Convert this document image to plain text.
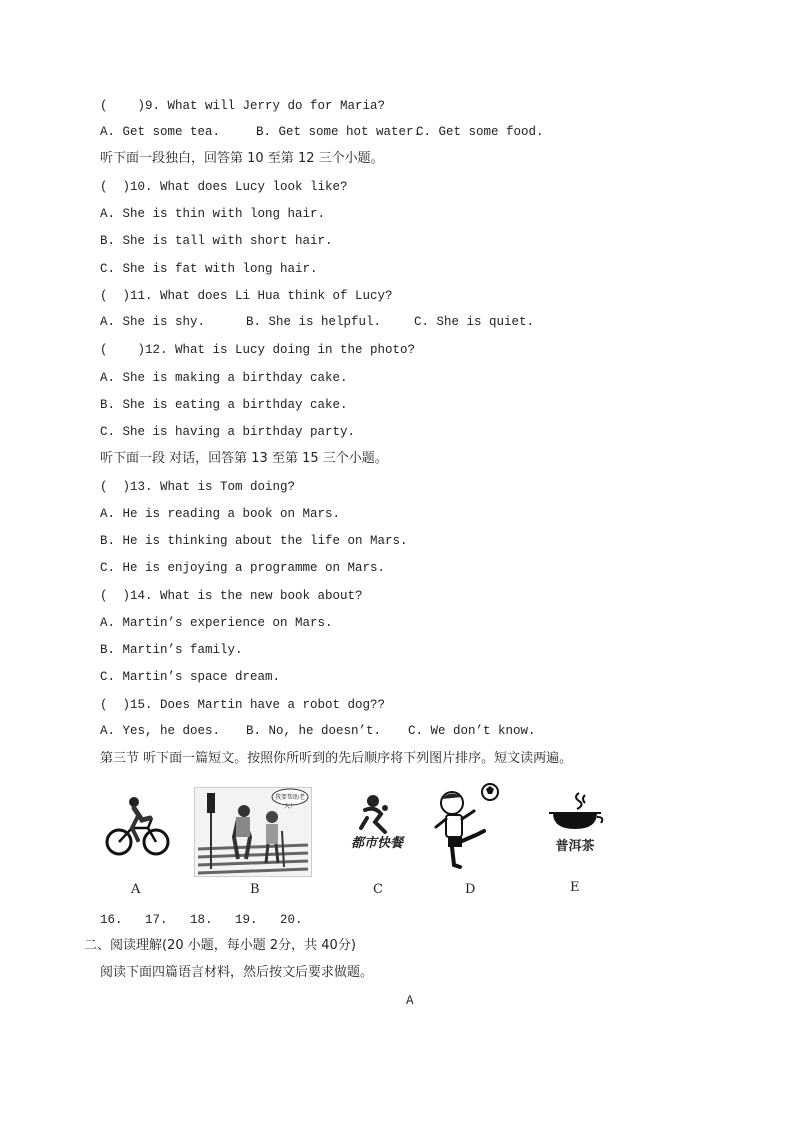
(    )9. What will Jerry do for Maria?
A. Get some tea.	B. Get some hot water.
C. Get some food.
听下面一段独白，回答第 10 至第 12 三个小题。
(  )10. What does Lucy look like?
A. She is thin with long hair.
B. She is tall with short hair.
C. She is fat with long hair.
(  )11. What does Li Hua think of Lucy?
A. She is shy.	B. She is helpful.	C. She is quiet.
(    )12. What is Lucy doing in the photo?
A. She is making a birthday cake.
B. She is eating a birthday cake.
C. She is having a birthday party.
听下面一段 对话，回答第 13 至第 15 三个小题。
(  )13. What is Tom doing?
A. He is reading a book on Mars.
B. He is thinking about the life on Mars.
C. He is enjoying a programme on Mars.
(  )14. What is the new book about?
A. Martin’s experience on Mars.
B. Martin’s family.
C. Martin’s space dream.
(  )15. Does Martin have a robot dog??
A. Yes, he does. B. No, he doesn’t. C. We don’t know.
第三节 听下面一篇短文。按照你所听到的先后顺序将下列图片排序。短文读两遍。
A
我要帮助老人！
B
都市快餐
C	D
普洱茶
E
16.   17.   18.   19.   20.
二、阅读理解(20 小题，每小题 2分，共 40分)
阅读下面四篇语言材料，然后按文后要求做题。
A
